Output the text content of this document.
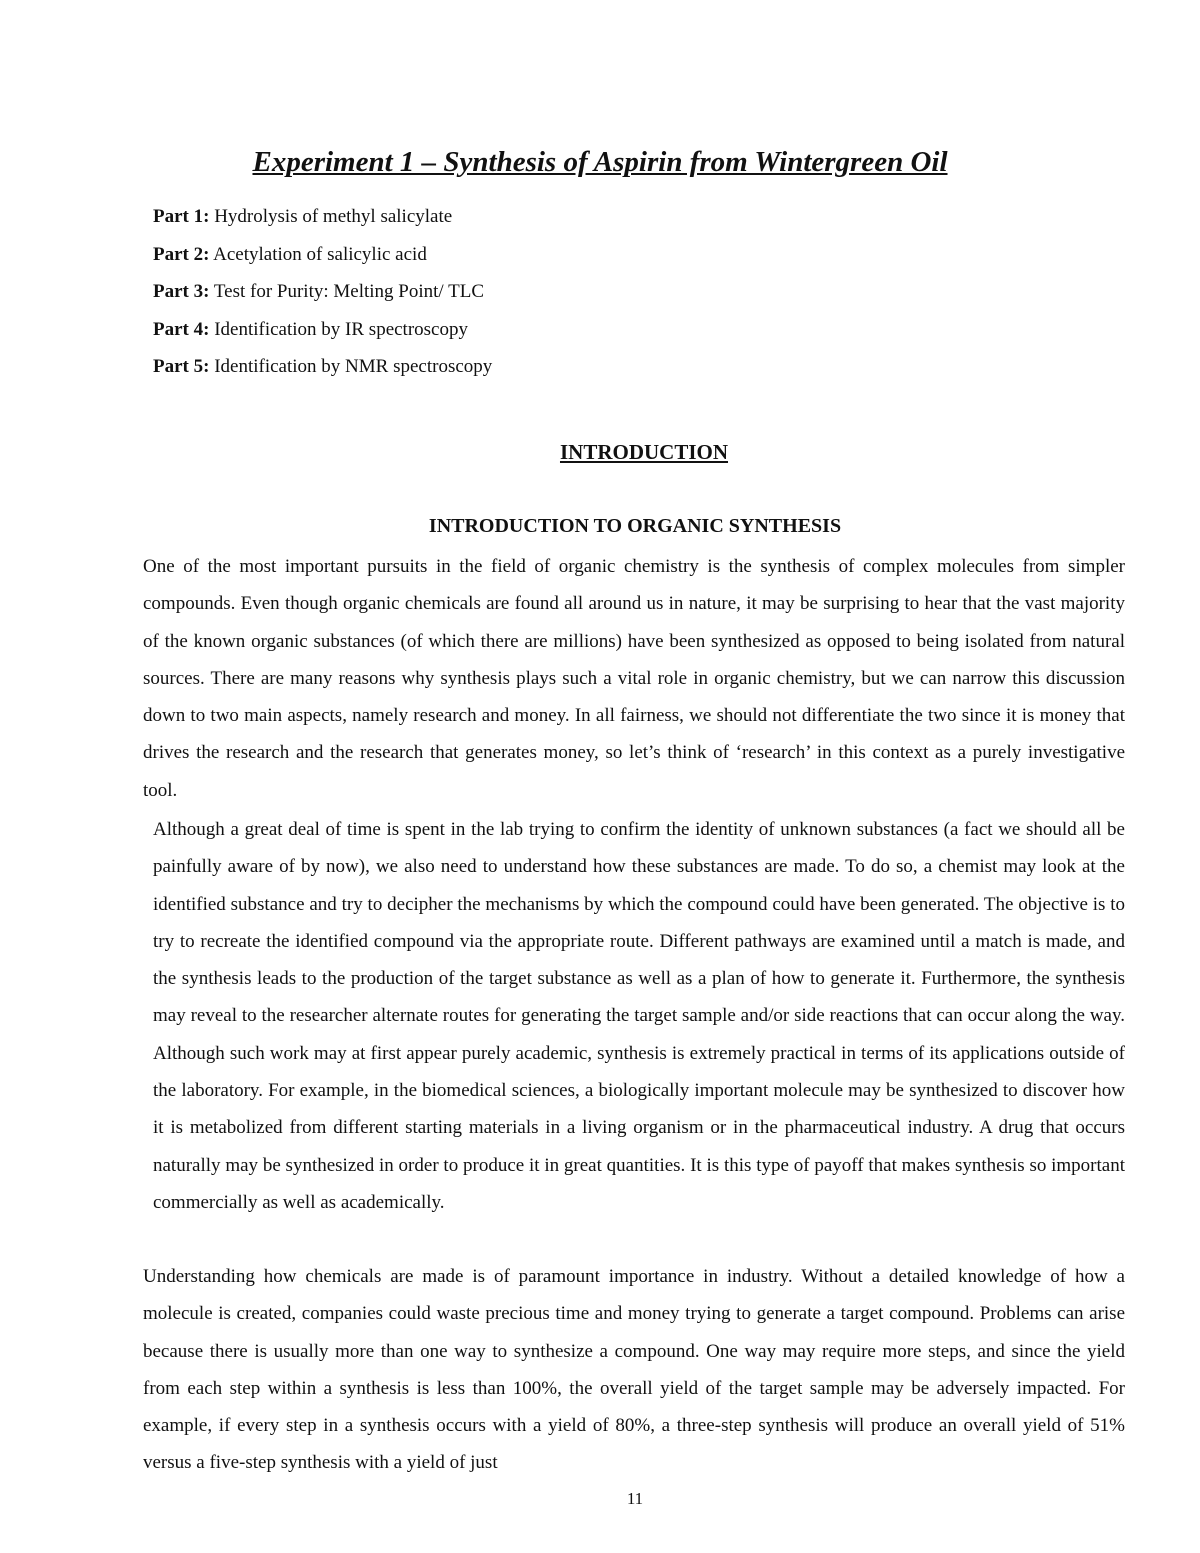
Experiment 1 – Synthesis of Aspirin from Wintergreen Oil
Part 1: Hydrolysis of methyl salicylate
Part 2: Acetylation of salicylic acid
Part 3: Test for Purity: Melting Point/ TLC
Part 4: Identification by IR spectroscopy
Part 5: Identification by NMR spectroscopy
INTRODUCTION
INTRODUCTION TO ORGANIC SYNTHESIS

One of the most important pursuits in the field of organic chemistry is the synthesis of complex molecules from simpler compounds. Even though organic chemicals are found all around us in nature, it may be surprising to hear that the vast majority of the known organic substances (of which there are millions) have been synthesized as opposed to being isolated from natural sources. There are many reasons why synthesis plays such a vital role in organic chemistry, but we can narrow this discussion down to two main aspects, namely research and money. In all fairness, we should not differentiate the two since it is money that drives the research and the research that generates money, so let’s think of ‘research’ in this context as a purely investigative tool.

Although a great deal of time is spent in the lab trying to confirm the identity of unknown substances (a fact we should all be painfully aware of by now), we also need to understand how these substances are made. To do so, a chemist may look at the identified substance and try to decipher the mechanisms by which the compound could have been generated. The objective is to try to recreate the identified compound via the appropriate route. Different pathways are examined until a match is made, and the synthesis leads to the production of the target substance as well as a plan of how to generate it. Furthermore, the synthesis may reveal to the researcher alternate routes for generating the target sample and/or side reactions that can occur along the way. Although such work may at first appear purely academic, synthesis is extremely practical in terms of its applications outside of the laboratory. For example, in the biomedical sciences, a biologically important molecule may be synthesized to discover how it is metabolized from different starting materials in a living organism or in the pharmaceutical industry. A drug that occurs naturally may be synthesized in order to produce it in great quantities. It is this type of payoff that makes synthesis so important commercially as well as academically.

Understanding how chemicals are made is of paramount importance in industry. Without a detailed knowledge of how a molecule is created, companies could waste precious time and money trying to generate a target compound. Problems can arise because there is usually more than one way to synthesize a compound. One way may require more steps, and since the yield from each step within a synthesis is less than 100%, the overall yield of the target sample may be adversely impacted. For example, if every step in a synthesis occurs with a yield of 80%, a three-step synthesis will produce an overall yield of 51% versus a five-step synthesis with a yield of just

11
